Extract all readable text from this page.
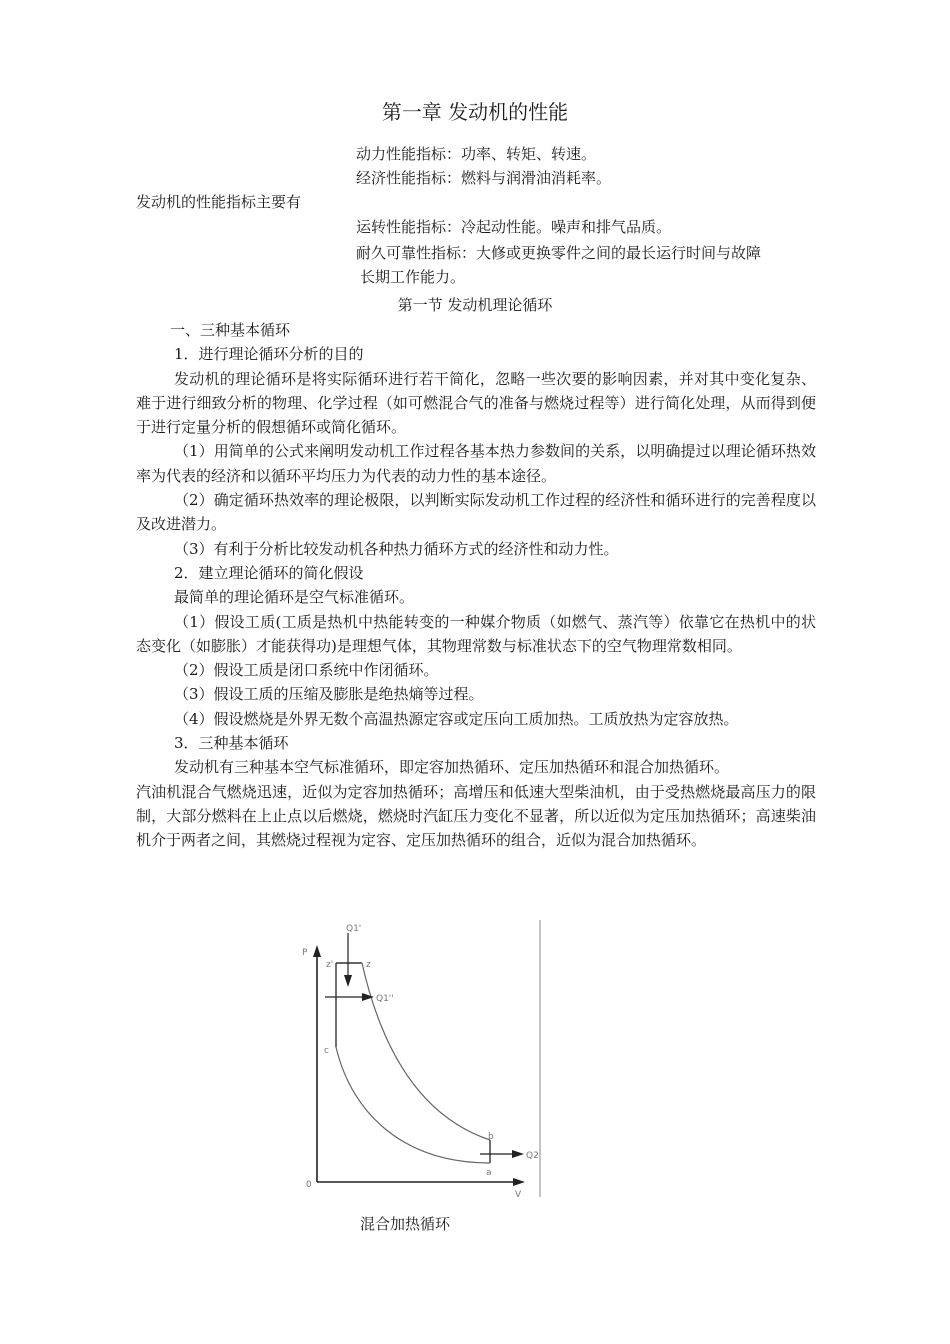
第一章 发动机的性能
动力性能指标：功率、转矩、转速。
经济性能指标：燃料与润滑油消耗率。
发动机的性能指标主要有
运转性能指标：冷起动性能。噪声和排气品质。
耐久可靠性指标：大修或更换零件之间的最长运行时间与故障
长期工作能力。
第一节 发动机理论循环

一、三种基本循环

1．进行理论循环分析的目的

发动机的理论循环是将实际循环进行若干简化，忽略一些次要的影响因素，并对其中变化复杂、难于进行细致分析的物理、化学过程（如可燃混合气的准备与燃烧过程等）进行简化处理，从而得到便于进行定量分析的假想循环或简化循环。

（1）用简单的公式来阐明发动机工作过程各基本热力参数间的关系，以明确提过以理论循环热效率为代表的经济和以循环平均压力为代表的动力性的基本途径。

（2）确定循环热效率的理论极限，以判断实际发动机工作过程的经济性和循环进行的完善程度以及改进潜力。

（3）有利于分析比较发动机各种热力循环方式的经济性和动力性。

2．建立理论循环的简化假设

最简单的理论循环是空气标准循环。

（1）假设工质(工质是热机中热能转变的一种媒介物质（如燃气、蒸汽等）依靠它在热机中的状态变化（如膨胀）才能获得功)是理想气体，其物理常数与标准状态下的空气物理常数相同。

（2）假设工质是闭口系统中作闭循环。

（3）假设工质的压缩及膨胀是绝热熵等过程。

（4）假设燃烧是外界无数个高温热源定容或定压向工质加热。工质放热为定容放热。

3．三种基本循环

发动机有三种基本空气标准循环，即定容加热循环、定压加热循环和混合加热循环。

汽油机混合气燃烧迅速，近似为定容加热循环；高增压和低速大型柴油机，由于受热燃烧最高压力的限制，大部分燃料在上止点以后燃烧，燃烧时汽缸压力变化不显著，所以近似为定压加热循环；高速柴油机介于两者之间，其燃烧过程视为定容、定压加热循环的组合，近似为混合加热循环。

P
V
0
z'	z
c
b
a
Q1'
Q1''
Q2
混合加热循环
